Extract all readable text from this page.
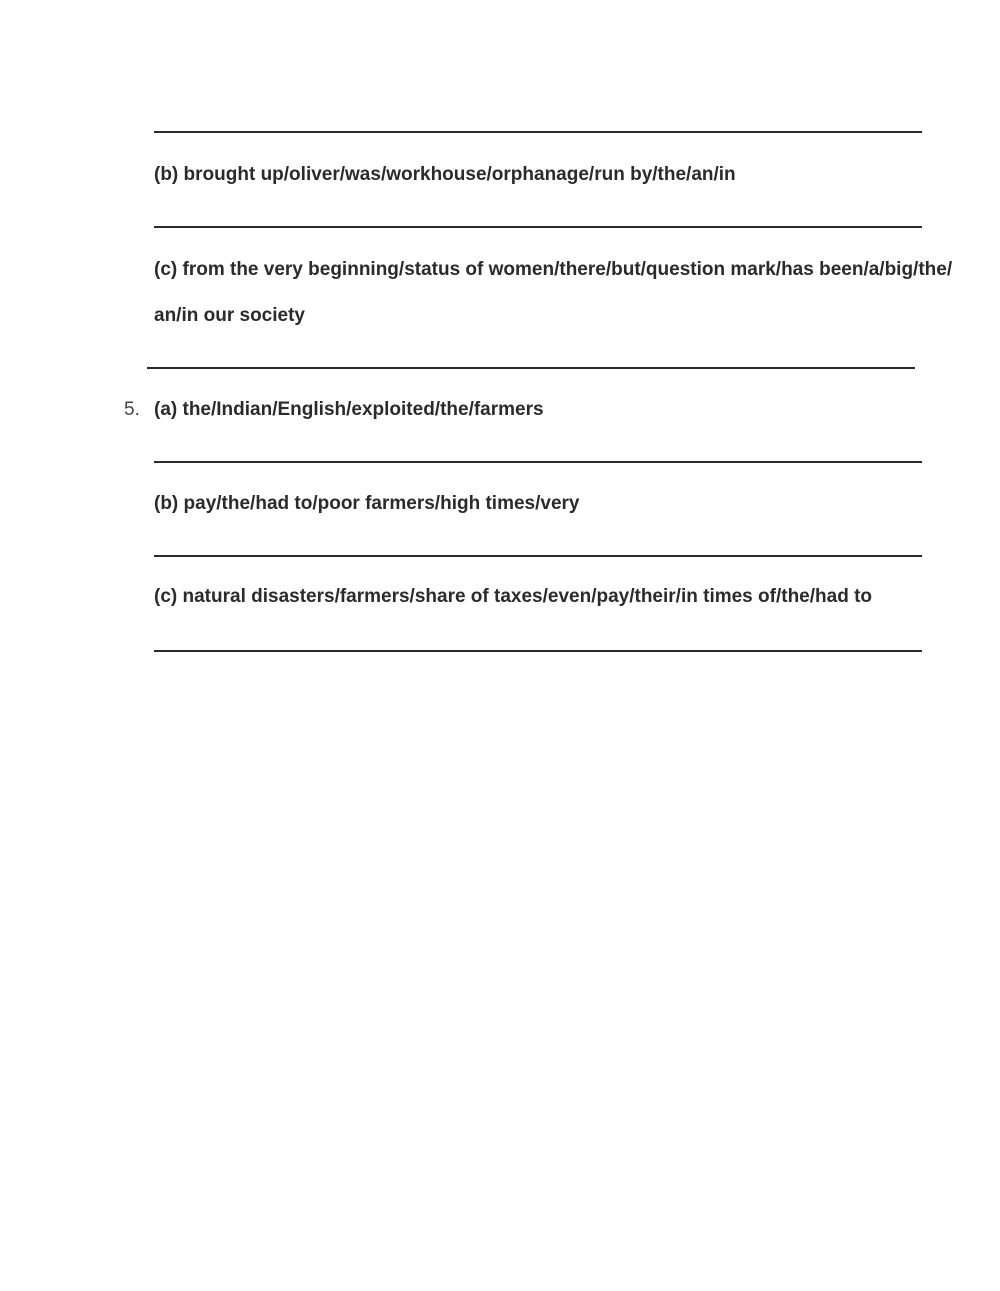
(b) brought up/oliver/was/workhouse/orphanage/run by/the/an/in
(c) from the very beginning/status of women/there/but/question mark/has been/a/big/the/
an/in our society
5. (a) the/Indian/English/exploited/the/farmers
(b) pay/the/had to/poor farmers/high times/very
(c) natural disasters/farmers/share of taxes/even/pay/their/in times of/the/had to
